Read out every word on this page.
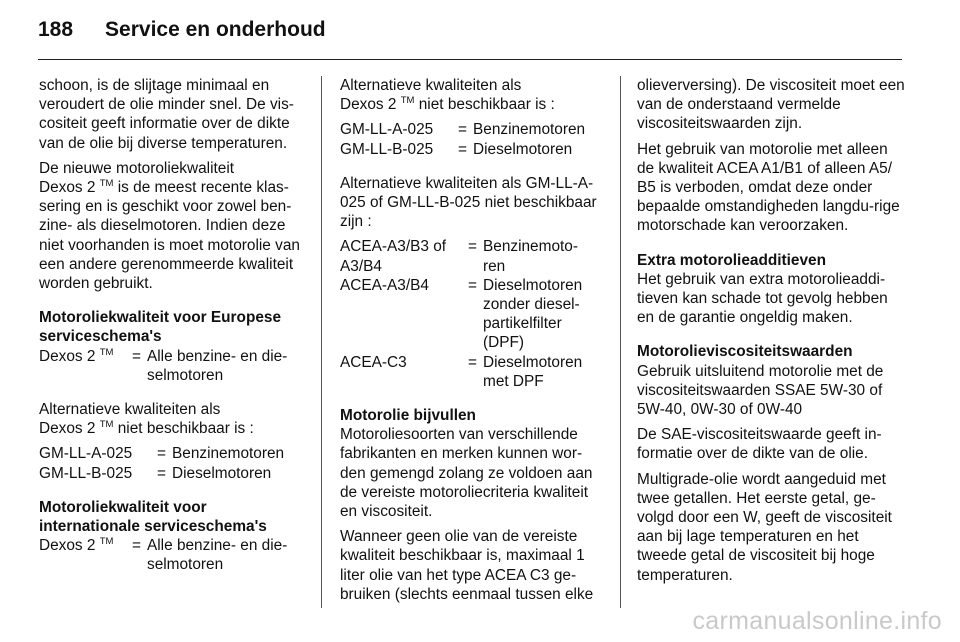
188 Service en onderhoud
schoon, is de slijtage minimaal en veroudert de olie minder snel. De vis-cositeit geeft informatie over de dikte van de olie bij diverse temperaturen.
De nieuwe motoroliekwaliteit
Dexos 2 ™ is de meest recente klas-sering en is geschikt voor zowel ben-zine- als dieselmotoren. Indien deze niet voorhanden is moet motorolie van een andere gerenommeerde kwaliteit worden gebruikt.
Motoroliekwaliteit voor Europese serviceschema's
Dexos 2 ™	=	Alle benzine- en die-selmotoren
Alternatieve kwaliteiten als
Dexos 2 ™ niet beschikbaar is :
GM-LL-A-025	=	Benzinemotoren
GM-LL-B-025	=	Dieselmotoren
Motoroliekwaliteit voor internationale serviceschema's
Dexos 2 ™	=	Alle benzine- en die-selmotoren
Alternatieve kwaliteiten als
Dexos 2 ™ niet beschikbaar is :
GM-LL-A-025	=	Benzinemotoren
GM-LL-B-025	=	Dieselmotoren
Alternatieve kwaliteiten als GM-LL-A-025 of GM-LL-B-025 niet beschikbaar zijn :
ACEA-A3/B3 of A3/B4	=	Benzinemoto-ren
ACEA-A3/B4	=	Dieselmotoren zonder diesel-partikelfilter (DPF)
ACEA-C3	=	Dieselmotoren met DPF
Motorolie bijvullen
Motoroliesoorten van verschillende fabrikanten en merken kunnen wor-den gemengd zolang ze voldoen aan de vereiste motoroliecriteria kwaliteit en viscositeit.
Wanneer geen olie van de vereiste kwaliteit beschikbaar is, maximaal 1 liter olie van het type ACEA C3 ge-bruiken (slechts eenmaal tussen elke
olieverversing). De viscositeit moet een van de onderstaand vermelde viscositeitswaarden zijn.
Het gebruik van motorolie met alleen de kwaliteit ACEA A1/B1 of alleen A5/ B5 is verboden, omdat deze onder bepaalde omstandigheden langdu-rige motorschade kan veroorzaken.
Extra motorolieadditieven
Het gebruik van extra motorolieaddi-tieven kan schade tot gevolg hebben en de garantie ongeldig maken.
Motorolieviscositeitswaarden
Gebruik uitsluitend motorolie met de viscositeitswaarden SSAE 5W-30 of 5W-40, 0W-30 of 0W-40
De SAE-viscositeitswaarde geeft in-formatie over de dikte van de olie.
Multigrade-olie wordt aangeduid met twee getallen. Het eerste getal, ge-volgd door een W, geeft de viscositeit aan bij lage temperaturen en het tweede getal de viscositeit bij hoge temperaturen.
carmanualsonline.info
